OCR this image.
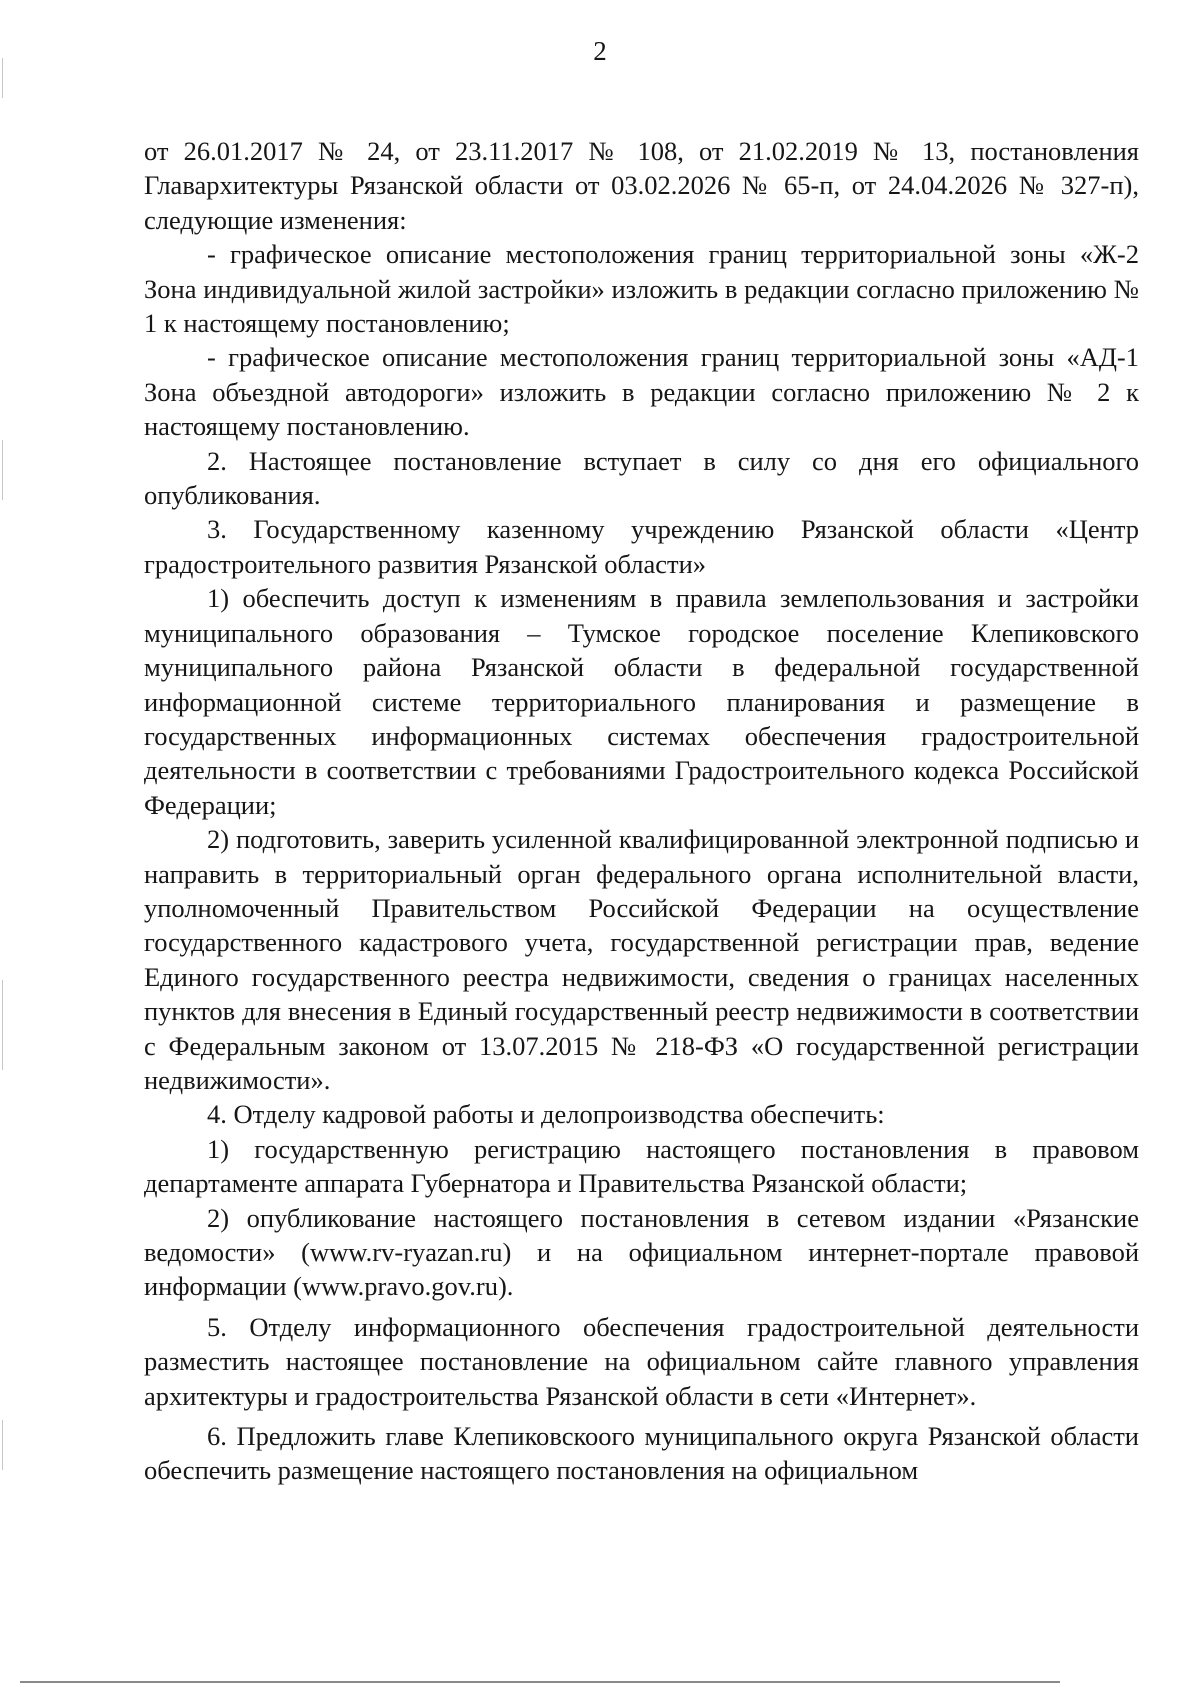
2

от 26.01.2017 № 24, от 23.11.2017 № 108, от 21.02.2019 № 13, постановления Главархитектуры Рязанской области от 03.02.2026 № 65-п, от 24.04.2026 № 327-п), следующие изменения:

- графическое описание местоположения границ территориальной зоны «Ж-2 Зона индивидуальной жилой застройки» изложить в редакции согласно приложению № 1 к настоящему постановлению;

- графическое описание местоположения границ территориальной зоны «АД-1 Зона объездной автодороги» изложить в редакции согласно приложению № 2 к настоящему постановлению.

2. Настоящее постановление вступает в силу со дня его официального опубликования.

3. Государственному казенному учреждению Рязанской области «Центр градостроительного развития Рязанской области»

1) обеспечить доступ к изменениям в правила землепользования и застройки муниципального образования – Тумское городское поселение Клепиковского муниципального района Рязанской области в федеральной государственной информационной системе территориального планирования и размещение в государственных информационных системах обеспечения градостроительной деятельности в соответствии с требованиями Градостроительного кодекса Российской Федерации;

2) подготовить, заверить усиленной квалифицированной электронной подписью и направить в территориальный орган федерального органа исполнительной власти, уполномоченный Правительством Российской Федерации на осуществление государственного кадастрового учета, государственной регистрации прав, ведение Единого государственного реестра недвижимости, сведения о границах населенных пунктов для внесения в Единый государственный реестр недвижимости в соответствии с Федеральным законом от 13.07.2015 № 218-ФЗ «О государственной регистрации недвижимости».

4. Отделу кадровой работы и делопроизводства обеспечить:

1) государственную регистрацию настоящего постановления в правовом департаменте аппарата Губернатора и Правительства Рязанской области;

2) опубликование настоящего постановления в сетевом издании «Рязанские ведомости» (www.rv-ryazan.ru) и на официальном интернет-портале правовой информации (www.pravo.gov.ru).

5. Отделу информационного обеспечения градостроительной деятельности разместить настоящее постановление на официальном сайте главного управления архитектуры и градостроительства Рязанской области в сети «Интернет».

6. Предложить главе Клепиковскоого муниципального округа Рязанской области обеспечить размещение настоящего постановления на официальном
